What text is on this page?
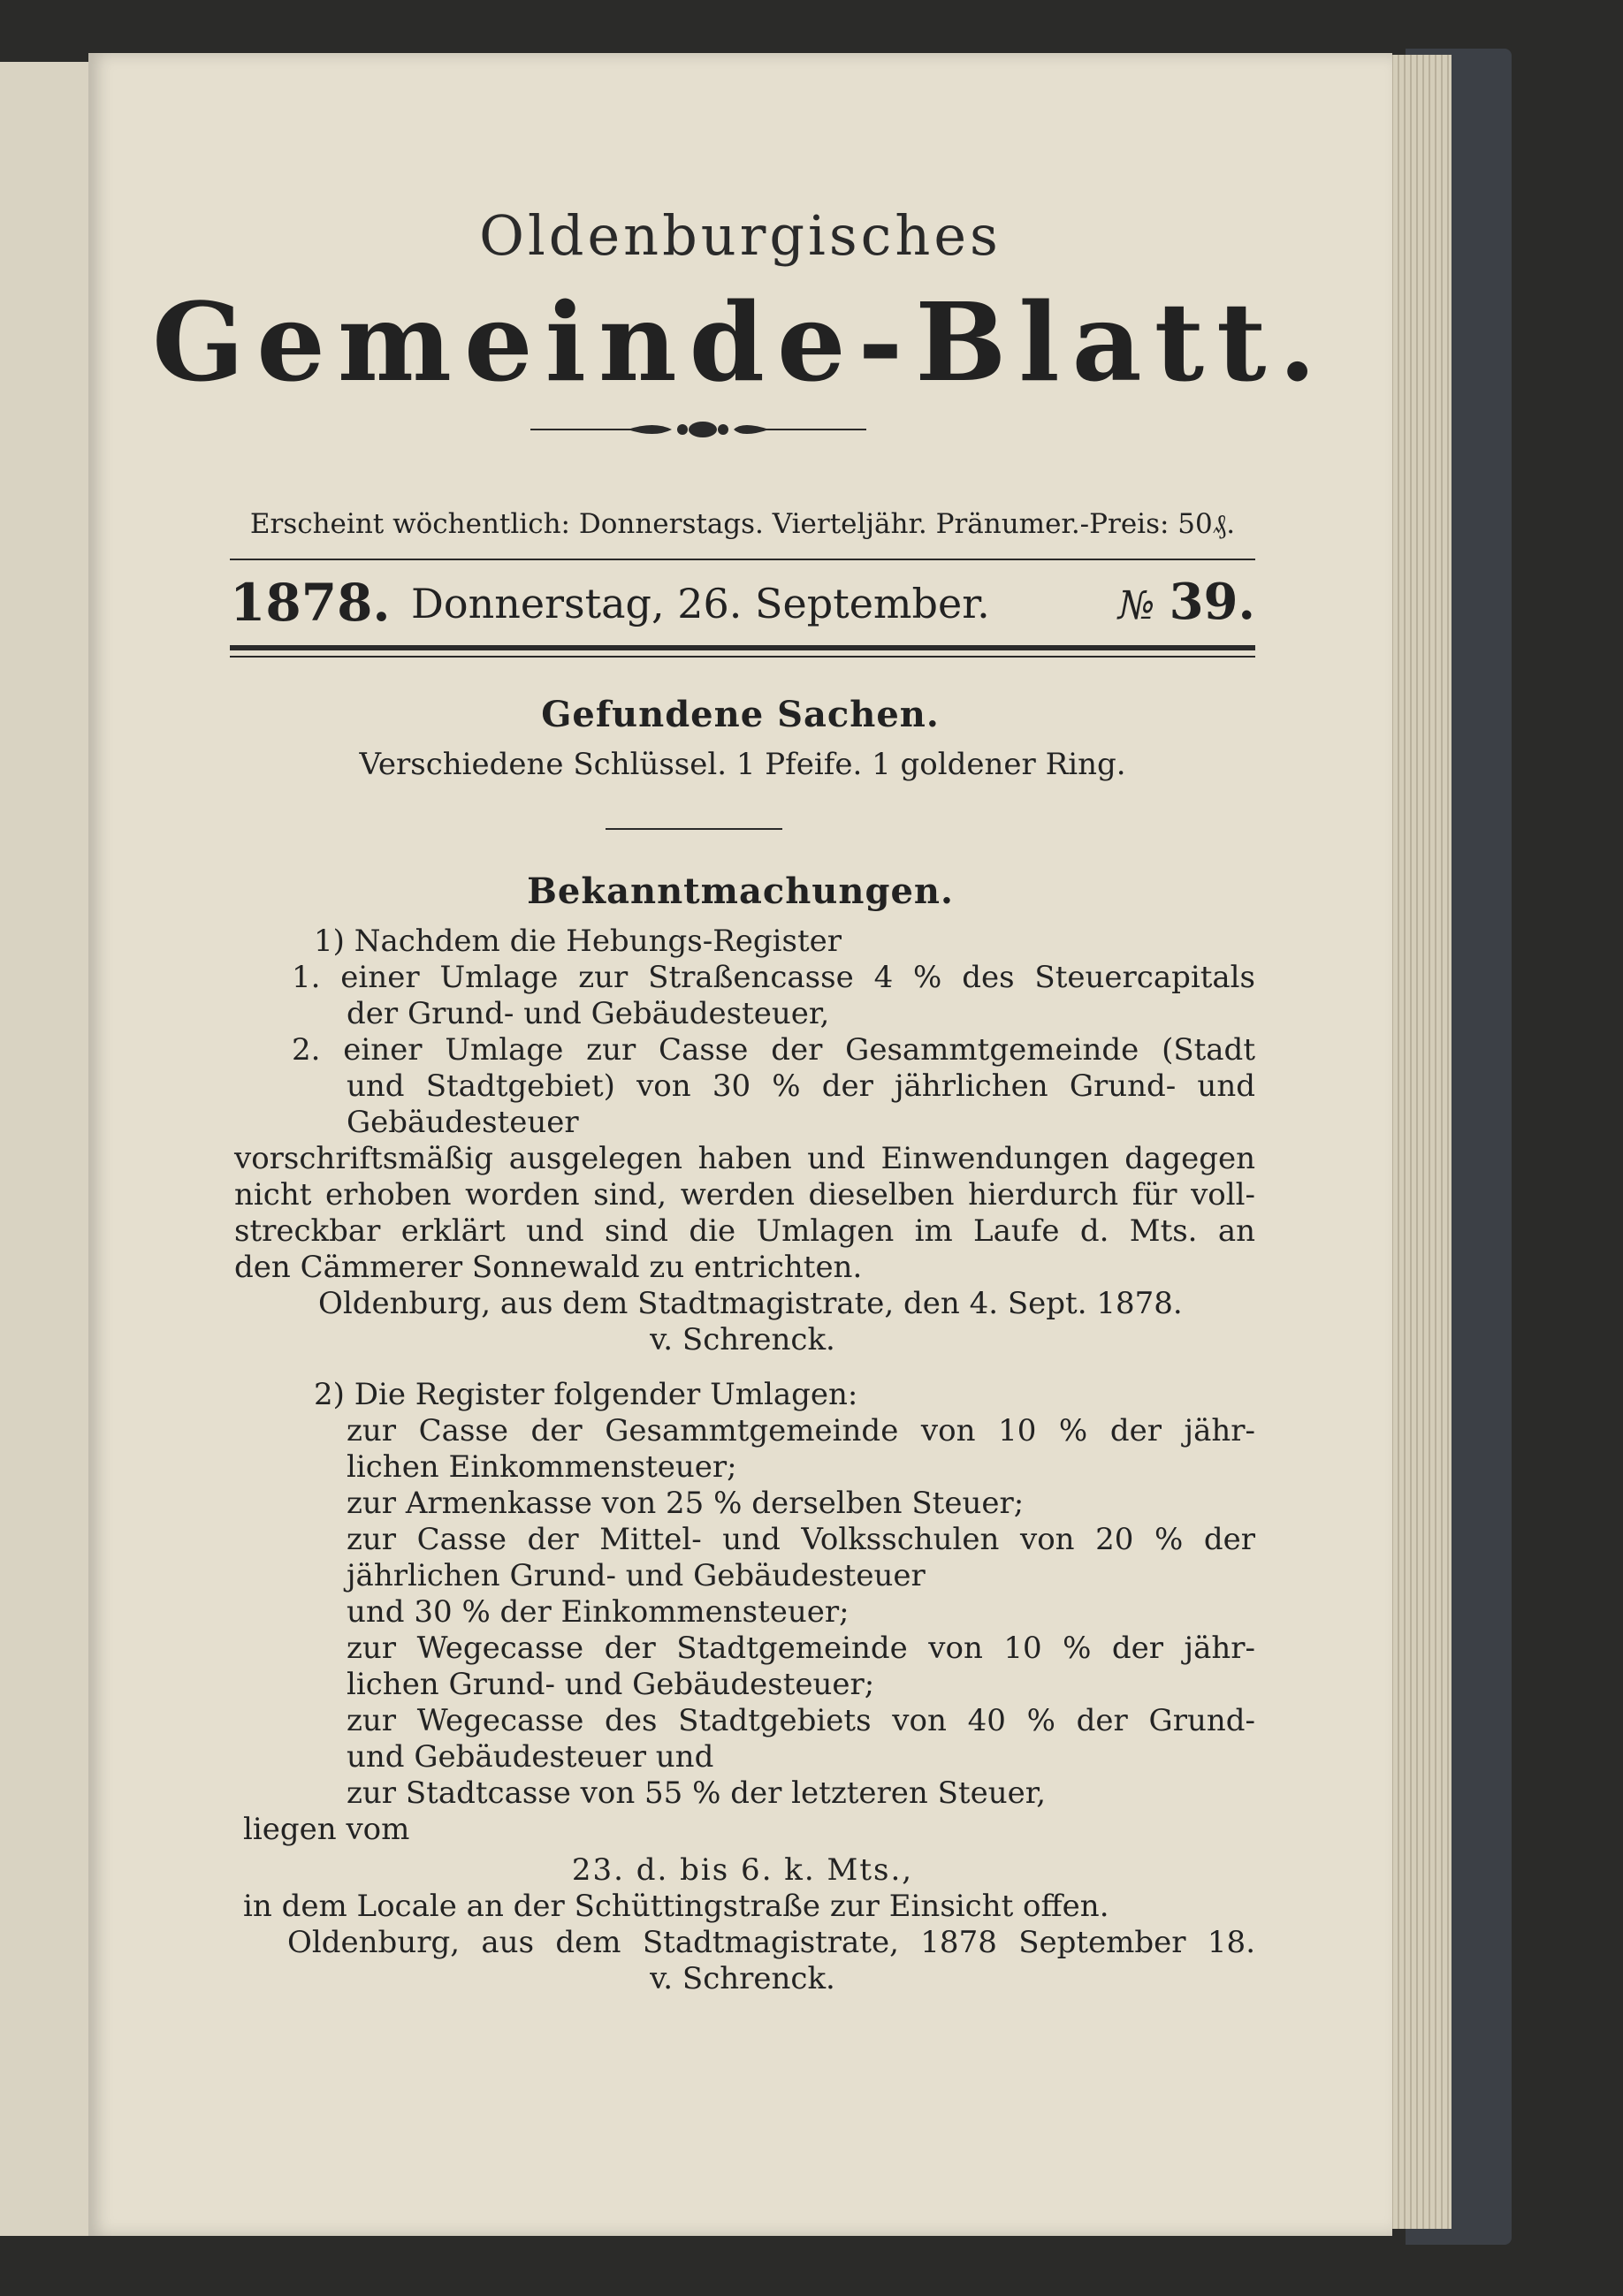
Oldenburgisches
Gemeinde-Blatt.
Erscheint wöchentlich: Donnerstags. Vierteljähr. Pränumer.-Preis: 50₰.
1878. Donnerstag, 26. September.	№ 39.
Gefundene Sachen.
Verschiedene Schlüssel. 1 Pfeife. 1 goldener Ring.
Bekanntmachungen.
1) Nachdem die Hebungs-Register
1. einer Umlage zur Straßencasse 4 % des Steuercapitals
der Grund- und Gebäudesteuer,
2. einer Umlage zur Casse der Gesammtgemeinde (Stadt
und Stadtgebiet) von 30 % der jährlichen Grund- und
Gebäudesteuer
vorschriftsmäßig ausgelegen haben und Einwendungen dagegen
nicht erhoben worden sind, werden dieselben hierdurch für voll-
streckbar erklärt und sind die Umlagen im Laufe d. Mts. an
den Cämmerer Sonnewald zu entrichten.
Oldenburg, aus dem Stadtmagistrate, den 4. Sept. 1878.
v. Schrenck.
2) Die Register folgender Umlagen:
zur Casse der Gesammtgemeinde von 10 % der jähr-
lichen Einkommensteuer;
zur Armenkasse von 25 % derselben Steuer;
zur Casse der Mittel- und Volksschulen von 20 % der
jährlichen Grund- und Gebäudesteuer
und 30 % der Einkommensteuer;
zur Wegecasse der Stadtgemeinde von 10 % der jähr-
lichen Grund- und Gebäudesteuer;
zur Wegecasse des Stadtgebiets von 40 % der Grund-
und Gebäudesteuer und
zur Stadtcasse von 55 % der letzteren Steuer,
liegen vom
23. d. bis 6. k. Mts.,
in dem Locale an der Schüttingstraße zur Einsicht offen.
Oldenburg, aus dem Stadtmagistrate, 1878 September 18.
v. Schrenck.
